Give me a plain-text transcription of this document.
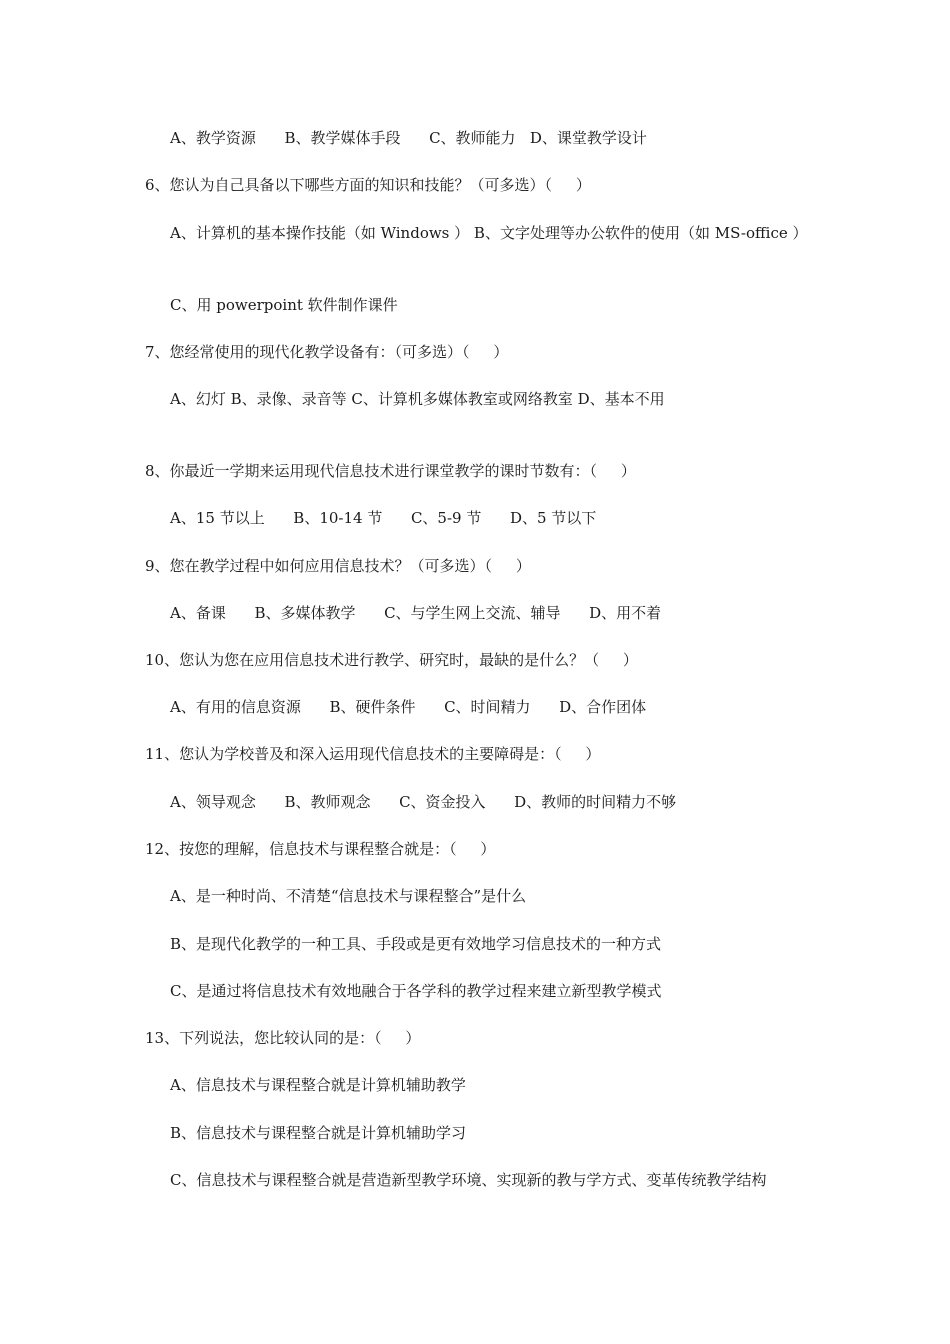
A、教学资源      B、教学媒体手段      C、教师能力   D、课堂教学设计

6、您认为自己具备以下哪些方面的知识和技能？（可多选）（     ）

A、计算机的基本操作技能（如 Windows ） B、文字处理等办公软件的使用（如 MS-office ）

C、用 powerpoint 软件制作课件

7、您经常使用的现代化教学设备有：（可多选）（     ）

A、幻灯 B、录像、录音等 C、计算机多媒体教室或网络教室 D、基本不用

8、你最近一学期来运用现代信息技术进行课堂教学的课时节数有：（     ）

A、15 节以上      B、10-14 节      C、5-9 节      D、5 节以下

9、您在教学过程中如何应用信息技术？（可多选）（     ）

A、备课      B、多媒体教学      C、与学生网上交流、辅导      D、用不着

10、您认为您在应用信息技术进行教学、研究时，最缺的是什么？（     ）

A、有用的信息资源      B、硬件条件      C、时间精力      D、合作团体

11、您认为学校普及和深入运用现代信息技术的主要障碍是：（     ）

A、领导观念      B、教师观念      C、资金投入      D、教师的时间精力不够

12、按您的理解，信息技术与课程整合就是：（     ）

A、是一种时尚、不清楚“信息技术与课程整合”是什么

B、是现代化教学的一种工具、手段或是更有效地学习信息技术的一种方式

C、是通过将信息技术有效地融合于各学科的教学过程来建立新型教学模式

13、下列说法，您比较认同的是：（     ）

A、信息技术与课程整合就是计算机辅助教学

B、信息技术与课程整合就是计算机辅助学习

C、信息技术与课程整合就是营造新型教学环境、实现新的教与学方式、变革传统教学结构
